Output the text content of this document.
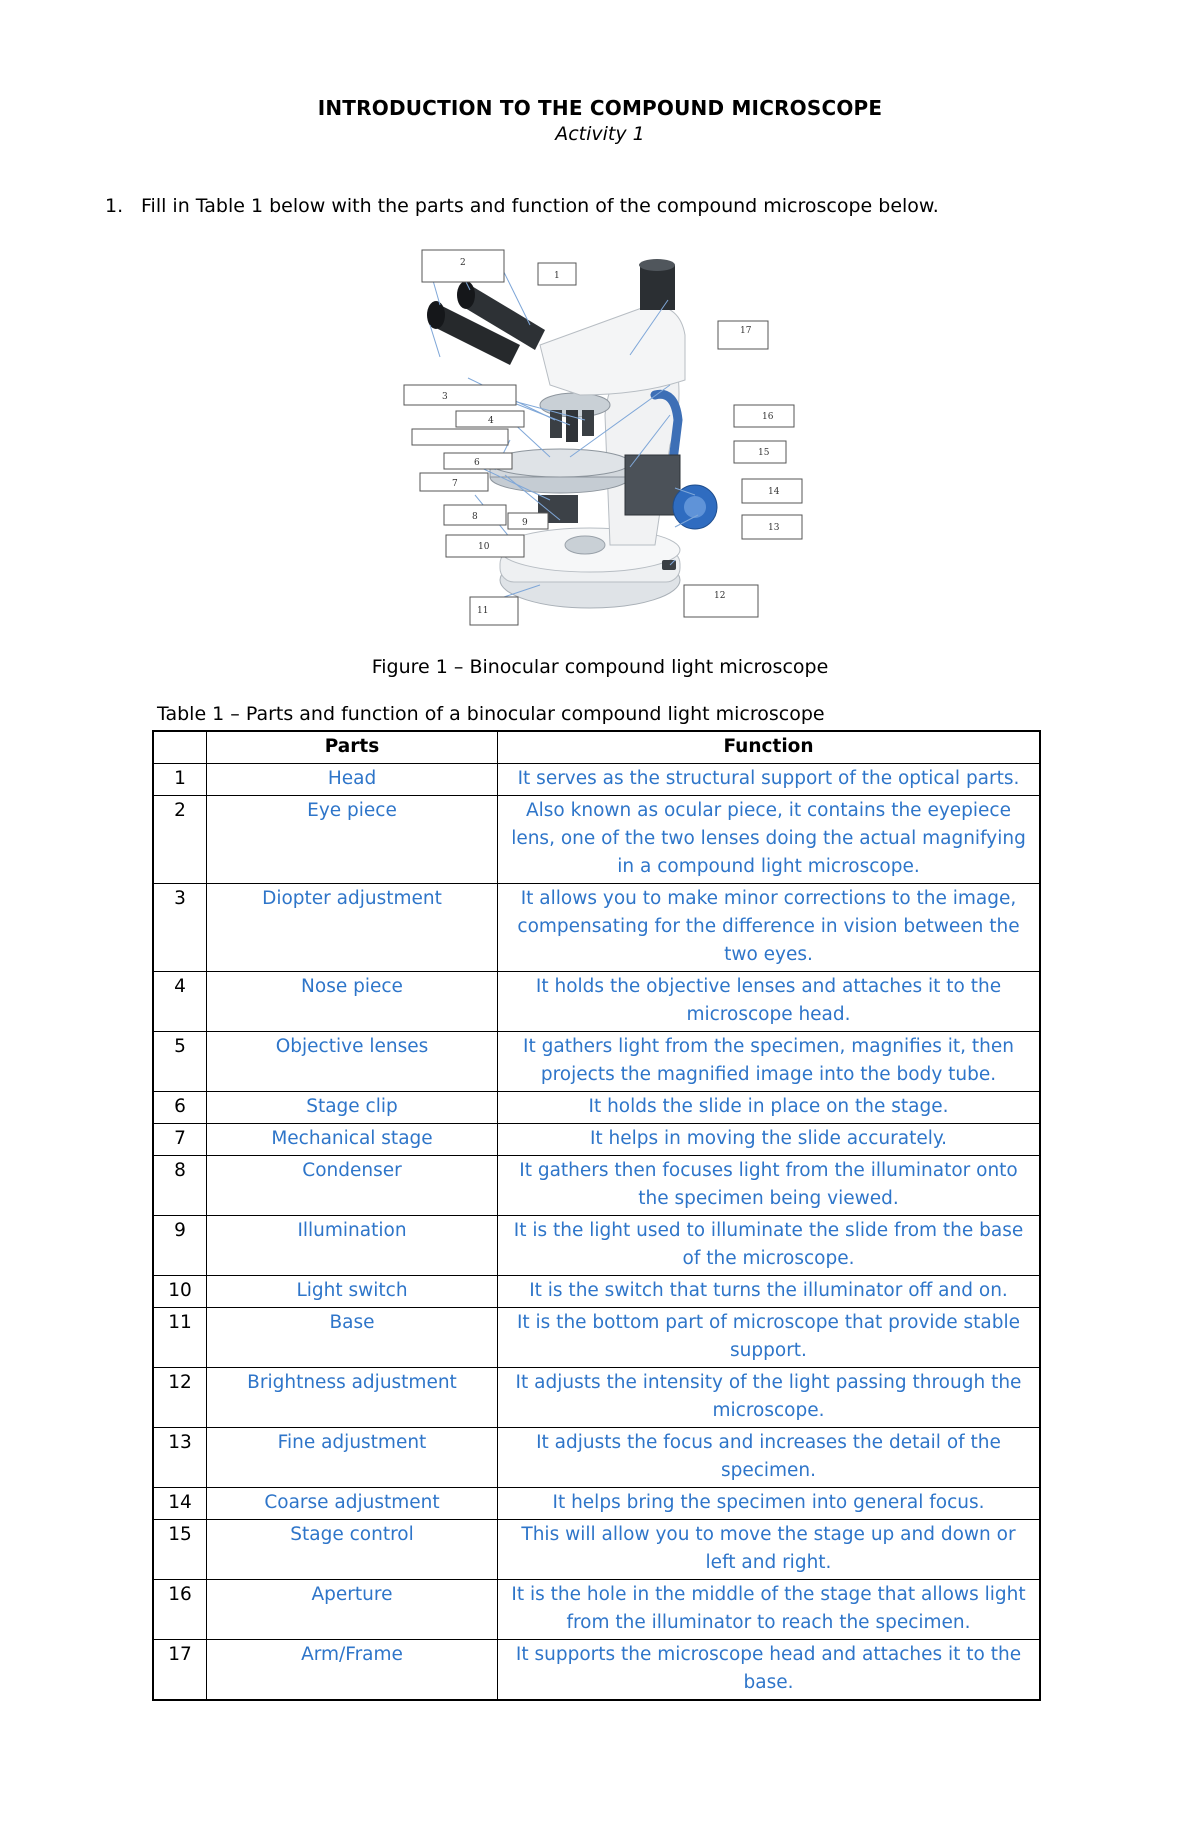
INTRODUCTION TO THE COMPOUND MICROSCOPE
Activity 1
1. Fill in Table 1 below with the parts and function of the compound microscope below.
2
1
17
3
4	16
15
6
7
14
8
9	13
10
12
11
Figure 1 – Binocular compound light microscope
Table 1 – Parts and function of a binocular compound light microscope
	Parts	Function
1	Head	It serves as the structural support of the optical parts.
2	Eye piece	Also known as ocular piece, it contains the eyepiece lens, one of the two lenses doing the actual magnifying in a compound light microscope.
3	Diopter adjustment	It allows you to make minor corrections to the image, compensating for the difference in vision between the two eyes.
4	Nose piece	It holds the objective lenses and attaches it to the microscope head.
5	Objective lenses	It gathers light from the specimen, magnifies it, then projects the magnified image into the body tube.
6	Stage clip	It holds the slide in place on the stage.
7	Mechanical stage	It helps in moving the slide accurately.
8	Condenser	It gathers then focuses light from the illuminator onto the specimen being viewed.
9	Illumination	It is the light used to illuminate the slide from the base of the microscope.
10	Light switch	It is the switch that turns the illuminator off and on.
11	Base	It is the bottom part of microscope that provide stable support.
12	Brightness adjustment	It adjusts the intensity of the light passing through the microscope.
13	Fine adjustment	It adjusts the focus and increases the detail of the specimen.
14	Coarse adjustment	It helps bring the specimen into general focus.
15	Stage control	This will allow you to move the stage up and down or left and right.
16	Aperture	It is the hole in the middle of the stage that allows light from the illuminator to reach the specimen.
17	Arm/Frame	It supports the microscope head and attaches it to the base.
